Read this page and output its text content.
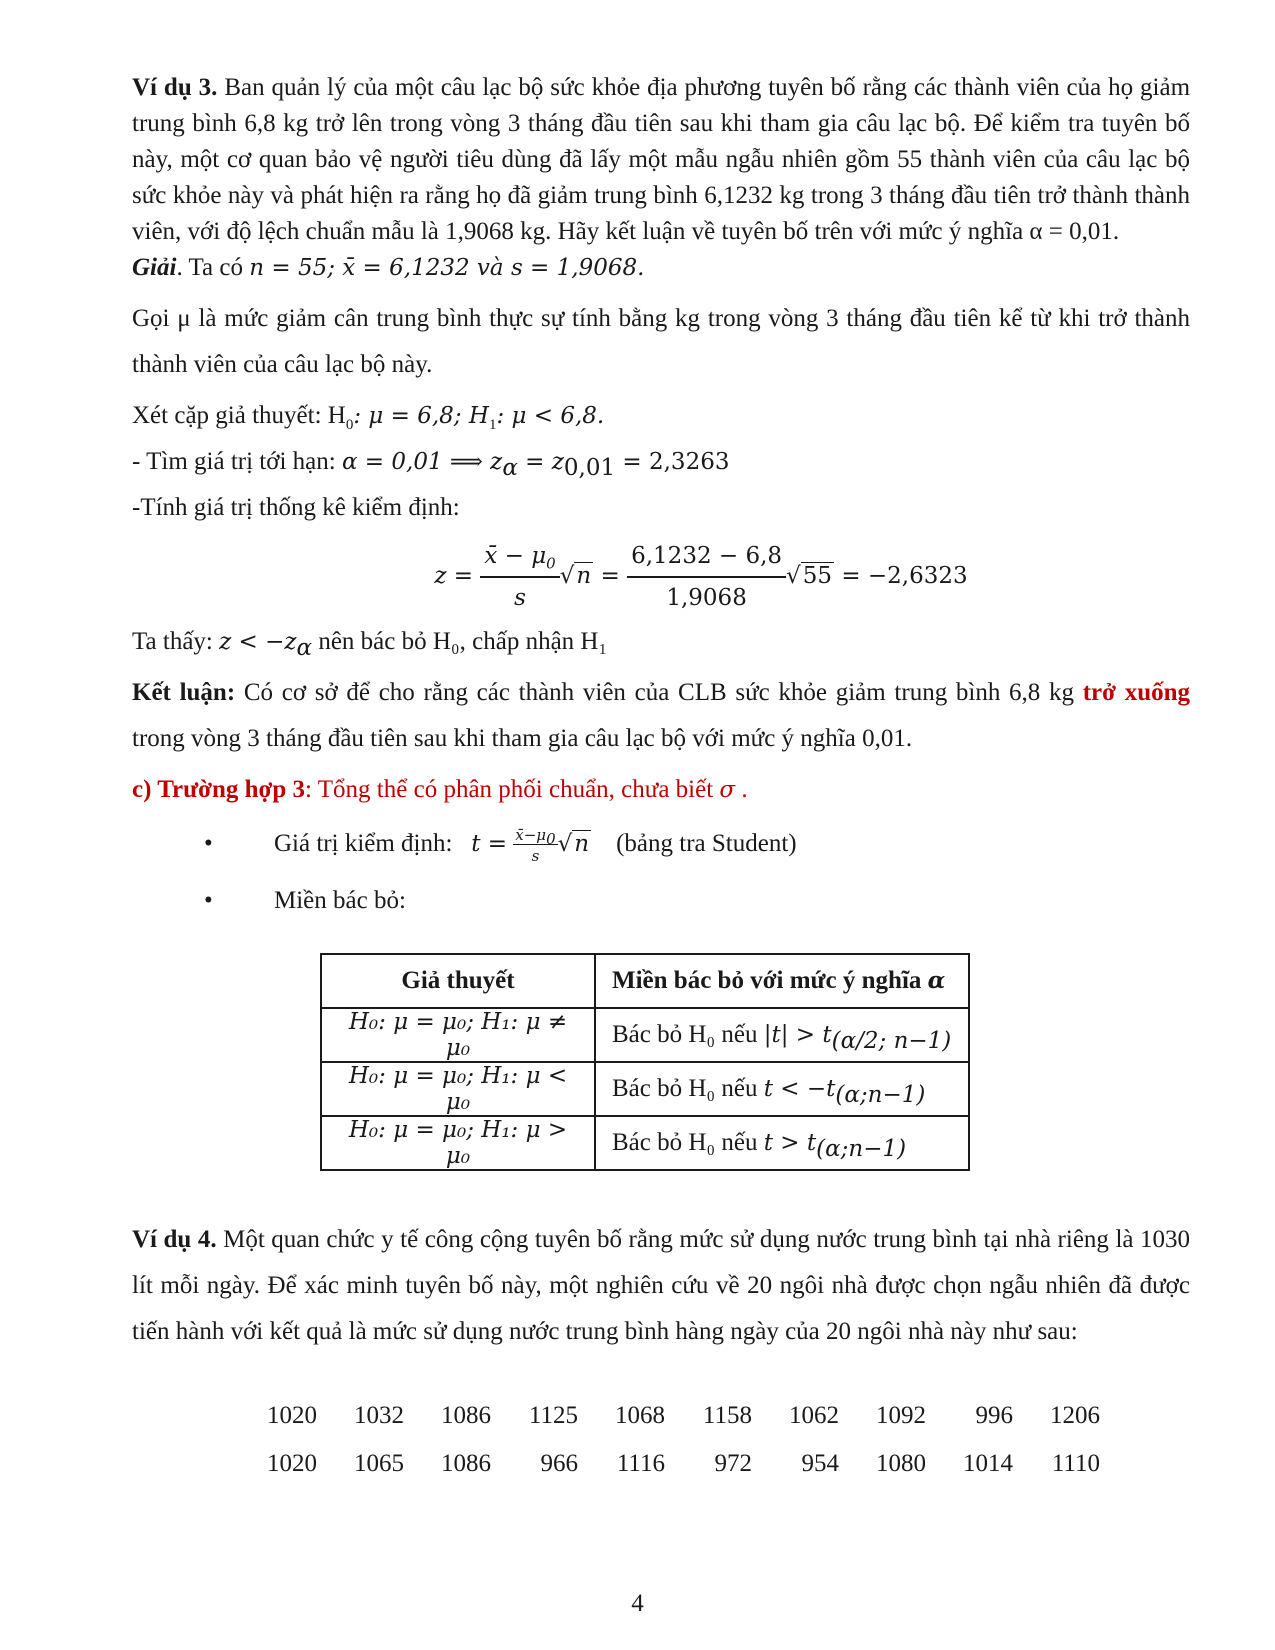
Ví dụ 3. Ban quản lý của một câu lạc bộ sức khỏe địa phương tuyên bố rằng các thành viên của họ giảm trung bình 6,8 kg trở lên trong vòng 3 tháng đầu tiên sau khi tham gia câu lạc bộ. Để kiểm tra tuyên bố này, một cơ quan bảo vệ người tiêu dùng đã lấy một mẫu ngẫu nhiên gồm 55 thành viên của câu lạc bộ sức khỏe này và phát hiện ra rằng họ đã giảm trung bình 6,1232 kg trong 3 tháng đầu tiên trở thành thành viên, với độ lệch chuẩn mẫu là 1,9068 kg. Hãy kết luận về tuyên bố trên với mức ý nghĩa α = 0,01.

Giải. Ta có n = 55; x̄ = 6,1232 và s = 1,9068.

Gọi μ là mức giảm cân trung bình thực sự tính bằng kg trong vòng 3 tháng đầu tiên kể từ khi trở thành thành viên của câu lạc bộ này.

Xét cặp giả thuyết: $H_0$: μ = 6,8; $H_1$: μ < 6,8.

- Tìm giá trị tới hạn: α = 0,01 ⟹ $z_\alpha = z_{0,01} = 2,3263$

-Tính giá trị thống kê kiểm định:

$z = \frac{x̄ - \mu_0}{s} √n = \frac{6,1232 - 6,8}{1,9068} √55 = -2,6323$

Ta thấy: $z < -z_\alpha$ nên bác bỏ H₀, chấp nhận H₁

Kết luận: Có cơ sở để cho rằng các thành viên của CLB sức khỏe giảm trung bình 6,8 kg trở xuống trong vòng 3 tháng đầu tiên sau khi tham gia câu lạc bộ với mức ý nghĩa 0,01.

c) Trường hợp 3: Tổng thể có phân phối chuẩn, chưa biết σ .

• Giá trị kiểm định: $t = \frac{x̄-\mu_0}{s} √n$ (bảng tra Student)
• Miền bác bỏ:
Giả thuyết	Miền bác bỏ với mức ý nghĩa α
H₀: μ = μ₀; H₁: μ ≠ μ₀	Bác bỏ H₀ nếu $|t| > t_{(\alpha/2; n-1)}$
H₀: μ = μ₀; H₁: μ < μ₀	Bác bỏ H₀ nếu $t < -t_{(\alpha;n-1)}$
H₀: μ = μ₀; H₁: μ > μ₀	Bác bỏ H₀ nếu $t > t_{(\alpha;n-1)}$

Ví dụ 4. Một quan chức y tế công cộng tuyên bố rằng mức sử dụng nước trung bình tại nhà riêng là 1030 lít mỗi ngày. Để xác minh tuyên bố này, một nghiên cứu về 20 ngôi nhà được chọn ngẫu nhiên đã được tiến hành với kết quả là mức sử dụng nước trung bình hàng ngày của 20 ngôi nhà này như sau:

1020	1032	1086	1125	1068	1158	1062	1092	996	1206
1020	1065	1086	966	1116	972	954	1080	1014	1110
4
